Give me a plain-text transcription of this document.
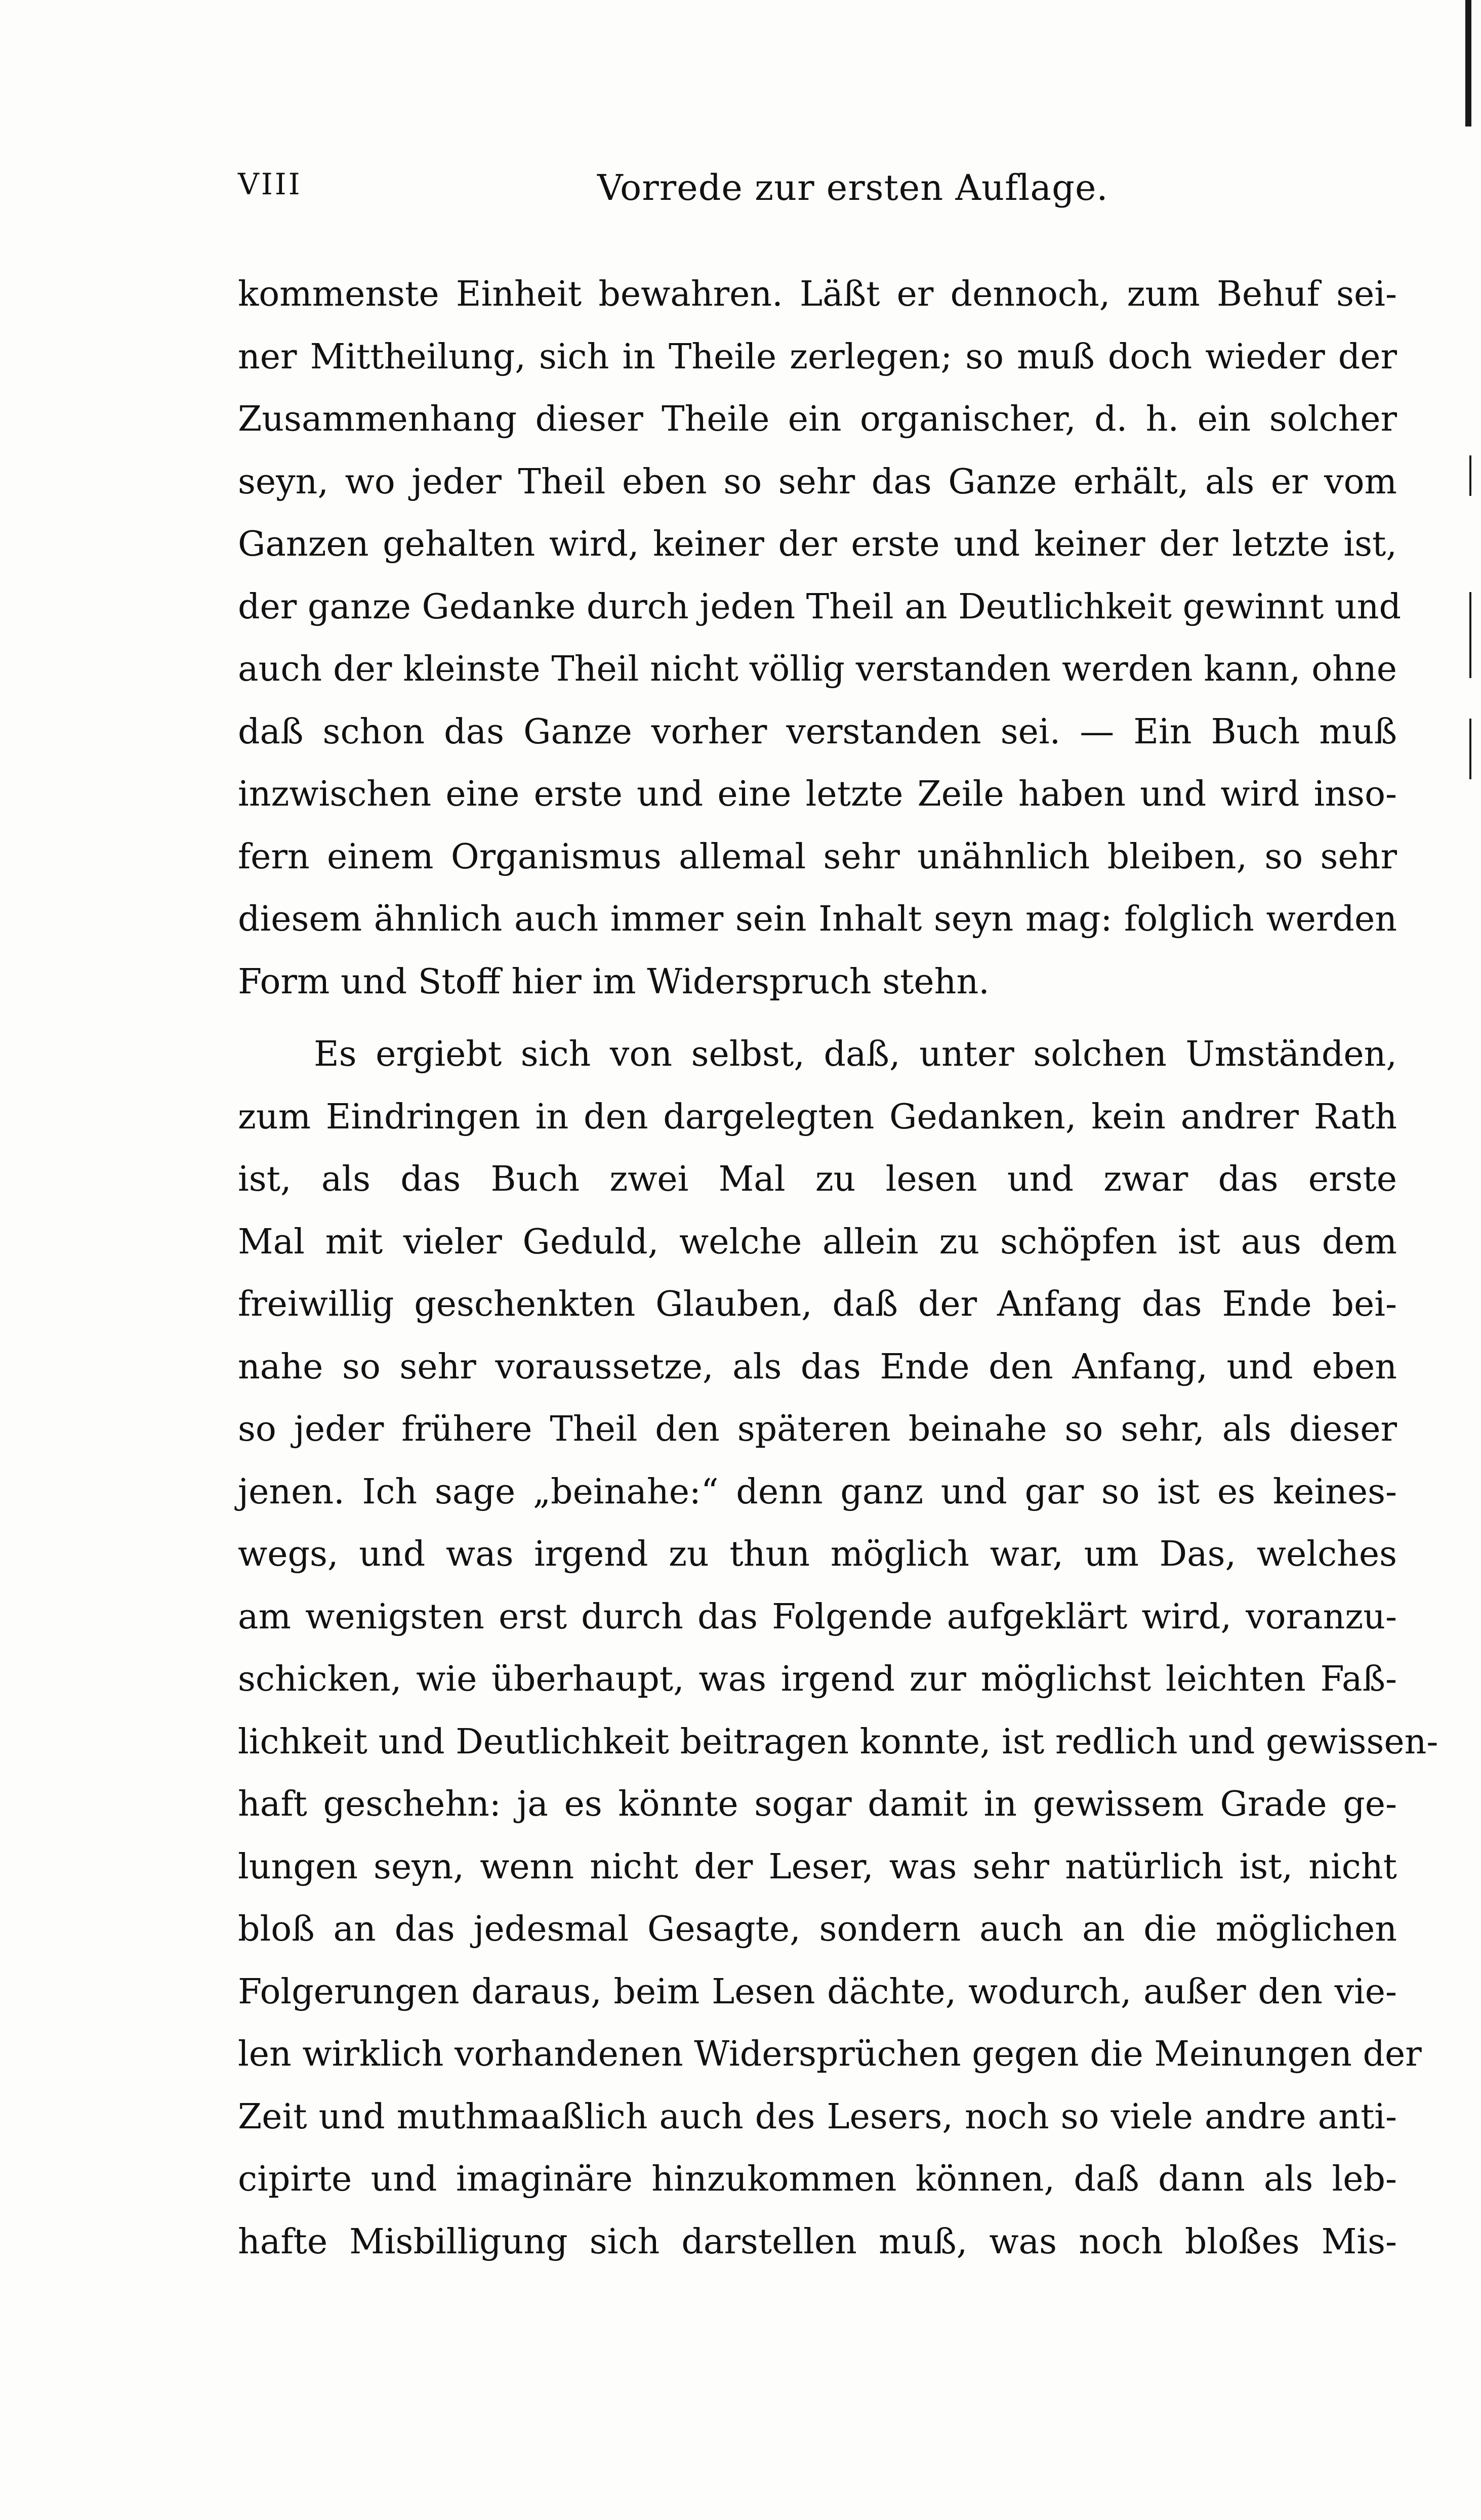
VIII	Vorrede zur ersten Auflage.
kommenste Einheit bewahren. Läßt er dennoch, zum Behuf sei-
ner Mittheilung, sich in Theile zerlegen; so muß doch wieder der
Zusammenhang dieser Theile ein organischer, d. h. ein solcher
seyn, wo jeder Theil eben so sehr das Ganze erhält, als er vom
Ganzen gehalten wird, keiner der erste und keiner der letzte ist,
der ganze Gedanke durch jeden Theil an Deutlichkeit gewinnt und
auch der kleinste Theil nicht völlig verstanden werden kann, ohne
daß schon das Ganze vorher verstanden sei. — Ein Buch muß
inzwischen eine erste und eine letzte Zeile haben und wird inso-
fern einem Organismus allemal sehr unähnlich bleiben, so sehr
diesem ähnlich auch immer sein Inhalt seyn mag: folglich werden
Form und Stoff hier im Widerspruch stehn.
Es ergiebt sich von selbst, daß, unter solchen Umständen,
zum Eindringen in den dargelegten Gedanken, kein andrer Rath
ist, als das Buch zwei Mal zu lesen und zwar das erste
Mal mit vieler Geduld, welche allein zu schöpfen ist aus dem
freiwillig geschenkten Glauben, daß der Anfang das Ende bei-
nahe so sehr voraussetze, als das Ende den Anfang, und eben
so jeder frühere Theil den späteren beinahe so sehr, als dieser
jenen. Ich sage „beinahe:“ denn ganz und gar so ist es keines-
wegs, und was irgend zu thun möglich war, um Das, welches
am wenigsten erst durch das Folgende aufgeklärt wird, voranzu-
schicken, wie überhaupt, was irgend zur möglichst leichten Faß-
lichkeit und Deutlichkeit beitragen konnte, ist redlich und gewissen-
haft geschehn: ja es könnte sogar damit in gewissem Grade ge-
lungen seyn, wenn nicht der Leser, was sehr natürlich ist, nicht
bloß an das jedesmal Gesagte, sondern auch an die möglichen
Folgerungen daraus, beim Lesen dächte, wodurch, außer den vie-
len wirklich vorhandenen Widersprüchen gegen die Meinungen der
Zeit und muthmaaßlich auch des Lesers, noch so viele andre anti-
cipirte und imaginäre hinzukommen können, daß dann als leb-
hafte Misbilligung sich darstellen muß, was noch bloßes Mis-
